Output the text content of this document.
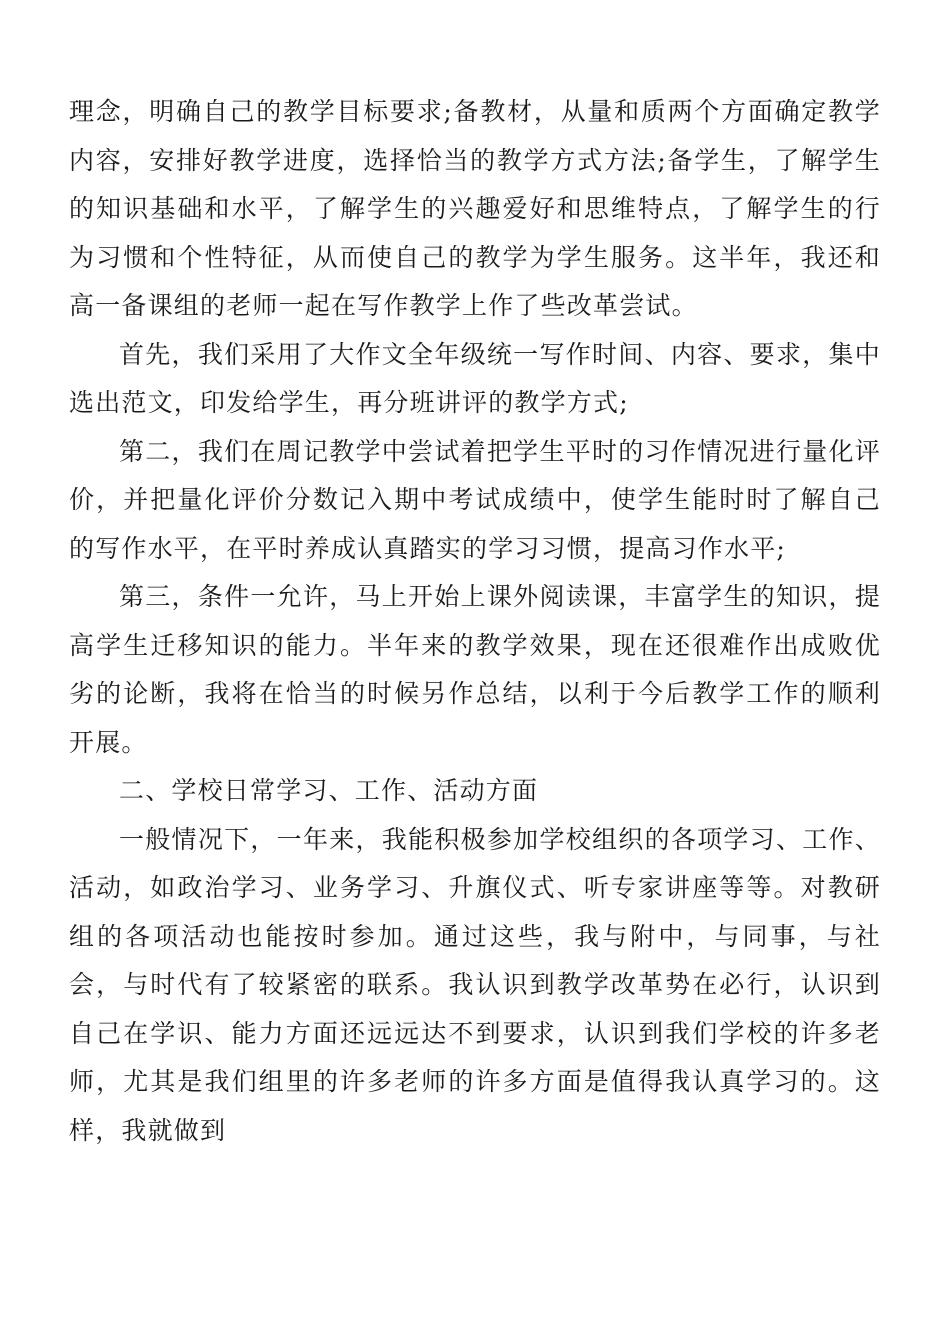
理念，明确自己的教学目标要求;备教材，从量和质两个方面确定教学内容，安排好教学进度，选择恰当的教学方式方法;备学生，了解学生的知识基础和水平，了解学生的兴趣爱好和思维特点，了解学生的行为习惯和个性特征，从而使自己的教学为学生服务。这半年，我还和高一备课组的老师一起在写作教学上作了些改革尝试。

首先，我们采用了大作文全年级统一写作时间、内容、要求，集中选出范文，印发给学生，再分班讲评的教学方式;

第二，我们在周记教学中尝试着把学生平时的习作情况进行量化评价，并把量化评价分数记入期中考试成绩中，使学生能时时了解自己的写作水平，在平时养成认真踏实的学习习惯，提高习作水平;

第三，条件一允许，马上开始上课外阅读课，丰富学生的知识，提高学生迁移知识的能力。半年来的教学效果，现在还很难作出成败优劣的论断，我将在恰当的时候另作总结，以利于今后教学工作的顺利开展。

二、学校日常学习、工作、活动方面

一般情况下，一年来，我能积极参加学校组织的各项学习、工作、活动，如政治学习、业务学习、升旗仪式、听专家讲座等等。对教研组的各项活动也能按时参加。通过这些，我与附中，与同事，与社会，与时代有了较紧密的联系。我认识到教学改革势在必行，认识到自己在学识、能力方面还远远达不到要求，认识到我们学校的许多老师，尤其是我们组里的许多老师的许多方面是值得我认真学习的。这样，我就做到
